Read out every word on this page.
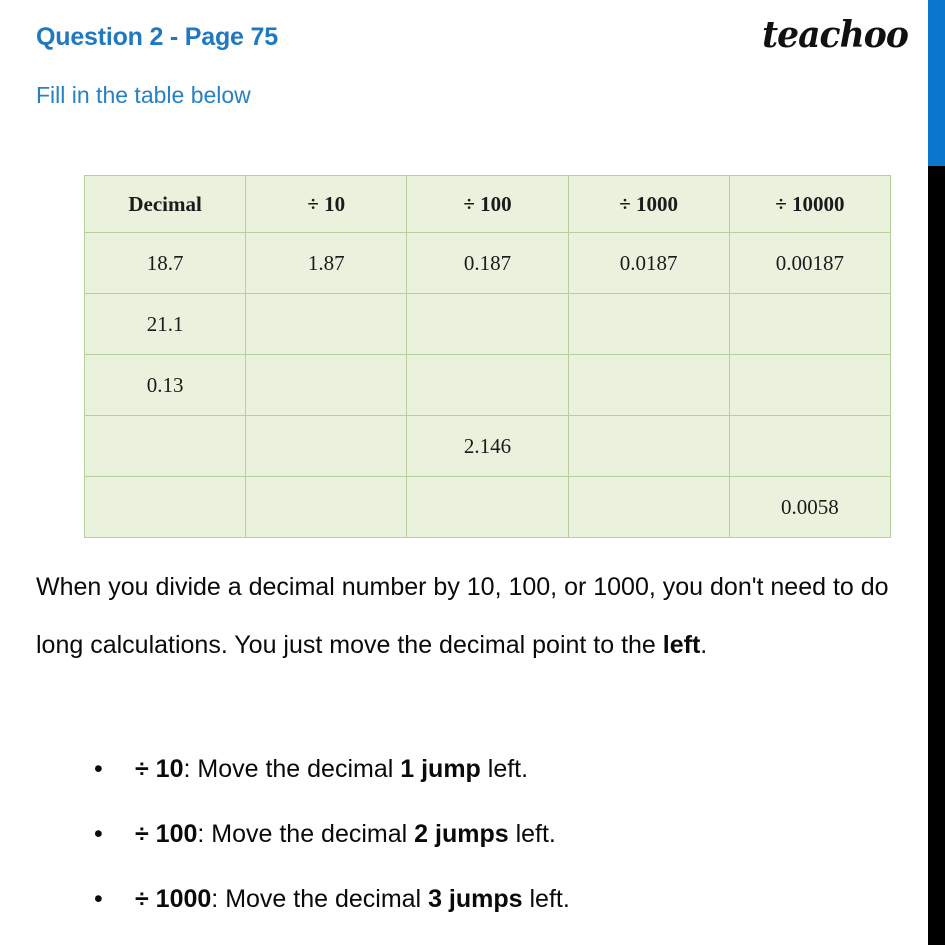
Question 2 - Page 75
Fill in the table below
teachoo
Decimal	÷ 10	÷ 100	÷ 1000	÷ 10000
18.7	1.87	0.187	0.0187	0.00187
21.1				
0.13				
		2.146		
				0.0058

When you divide a decimal number by 10, 100, or 1000, you don't need to do long calculations. You just move the decimal point to the left.

• ÷ 10: Move the decimal 1 jump left.
• ÷ 100: Move the decimal 2 jumps left.
• ÷ 1000: Move the decimal 3 jumps left.
